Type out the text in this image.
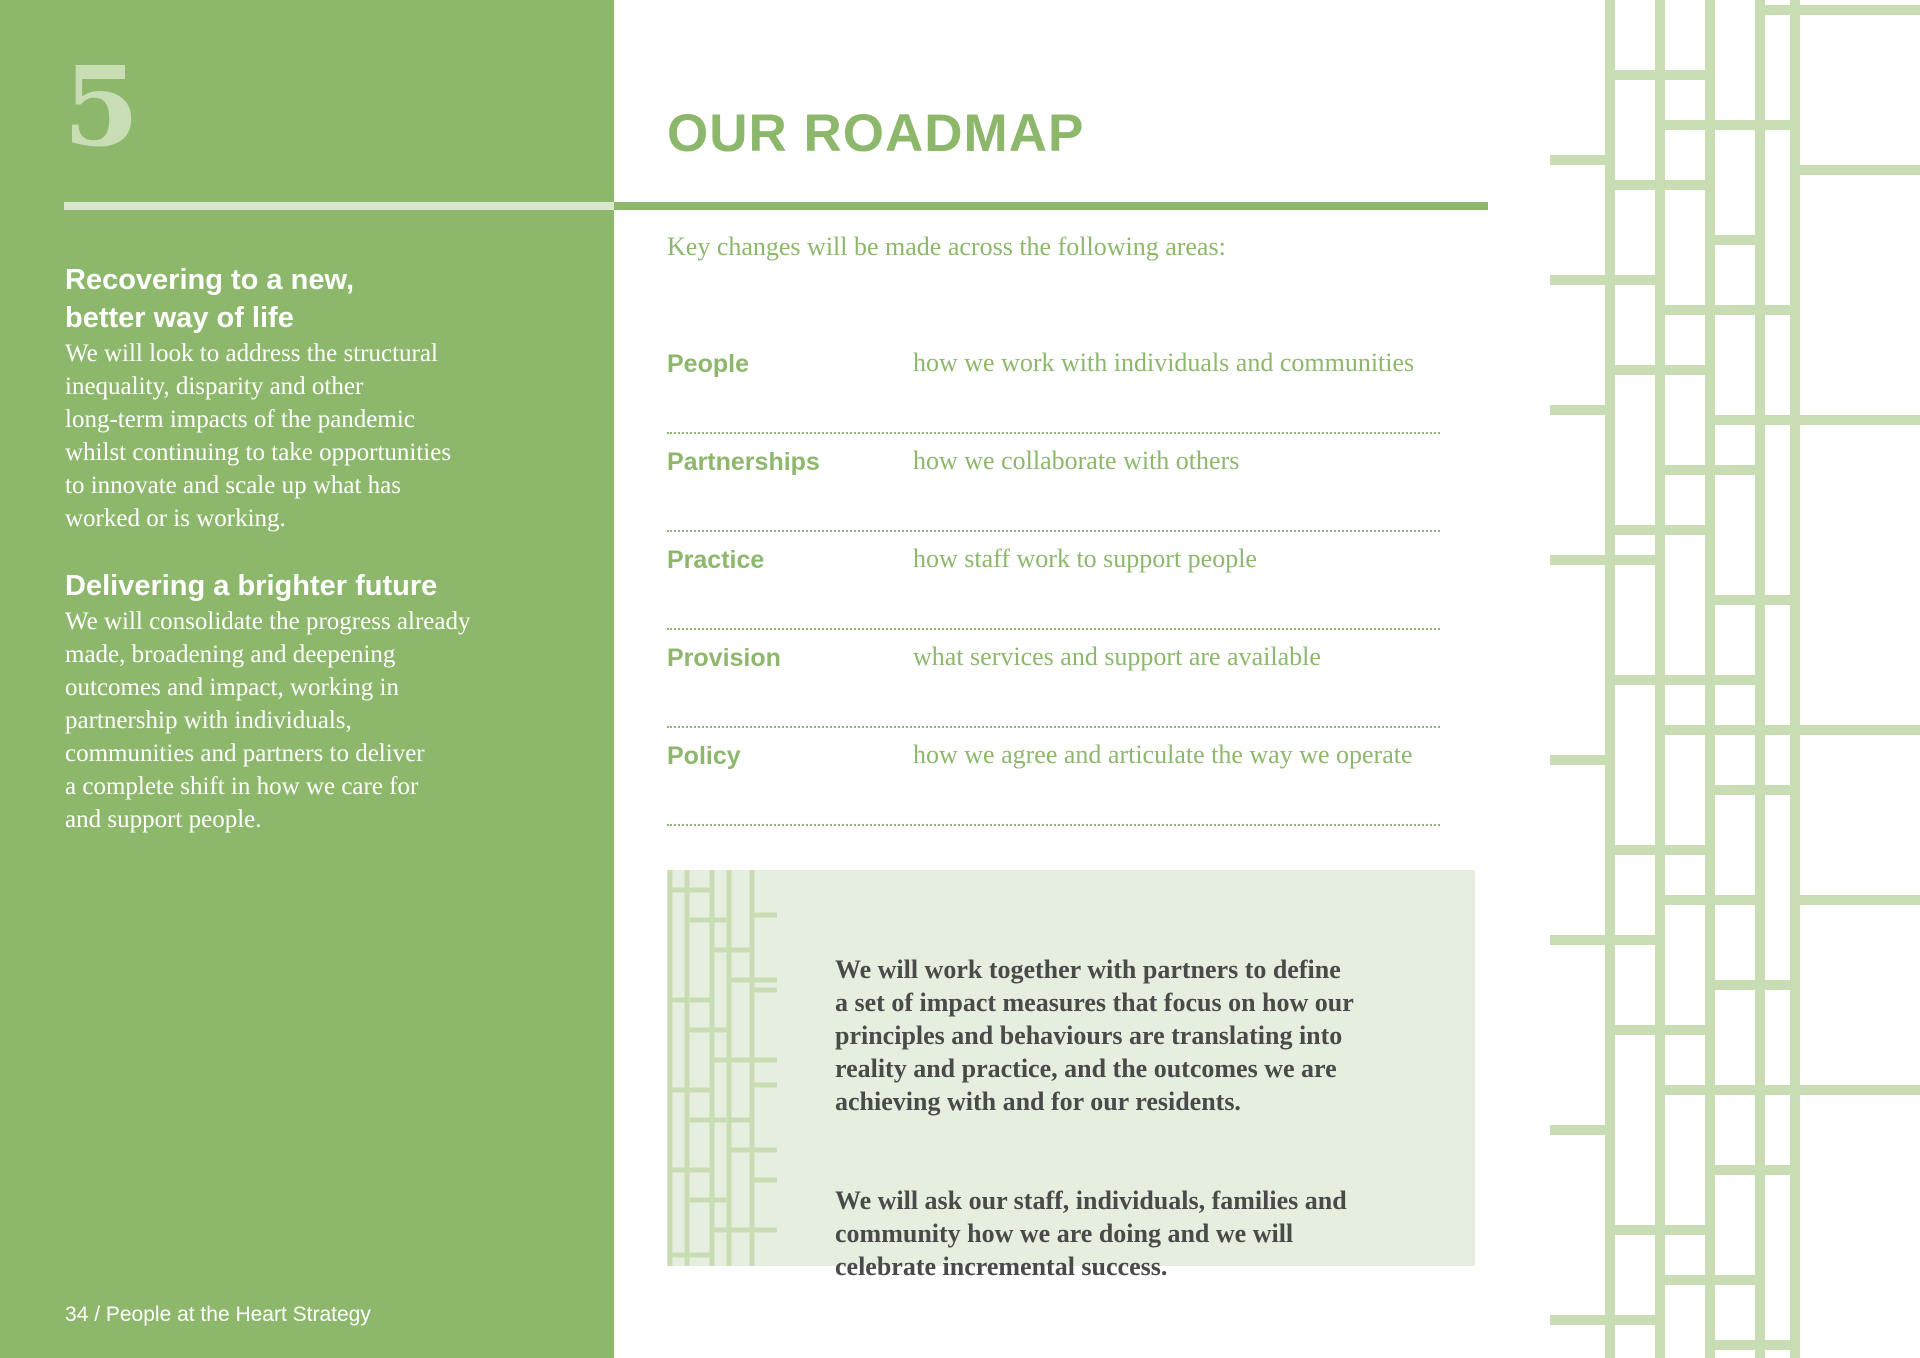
5

Recovering to a new,
better way of life

We will look to address the structural
inequality, disparity and other
long-term impacts of the pandemic
whilst continuing to take opportunities
to innovate and scale up what has
worked or is working.

Delivering a brighter future

We will consolidate the progress already
made, broadening and deepening
outcomes and impact, working in
partnership with individuals,
communities and partners to deliver
a complete shift in how we care for
and support people.

34 / People at the Heart Strategy
OUR ROADMAP
Key changes will be made across the following areas:
People	how we work with individuals and communities
Partnerships	how we collaborate with others
Practice	how staff work to support people
Provision	what services and support are available
Policy	how we agree and articulate the way we operate

We will work together with partners to define
a set of impact measures that focus on how our
principles and behaviours are translating into
reality and practice, and the outcomes we are
achieving with and for our residents.

We will ask our staff, individuals, families and
community how we are doing and we will
celebrate incremental success.
